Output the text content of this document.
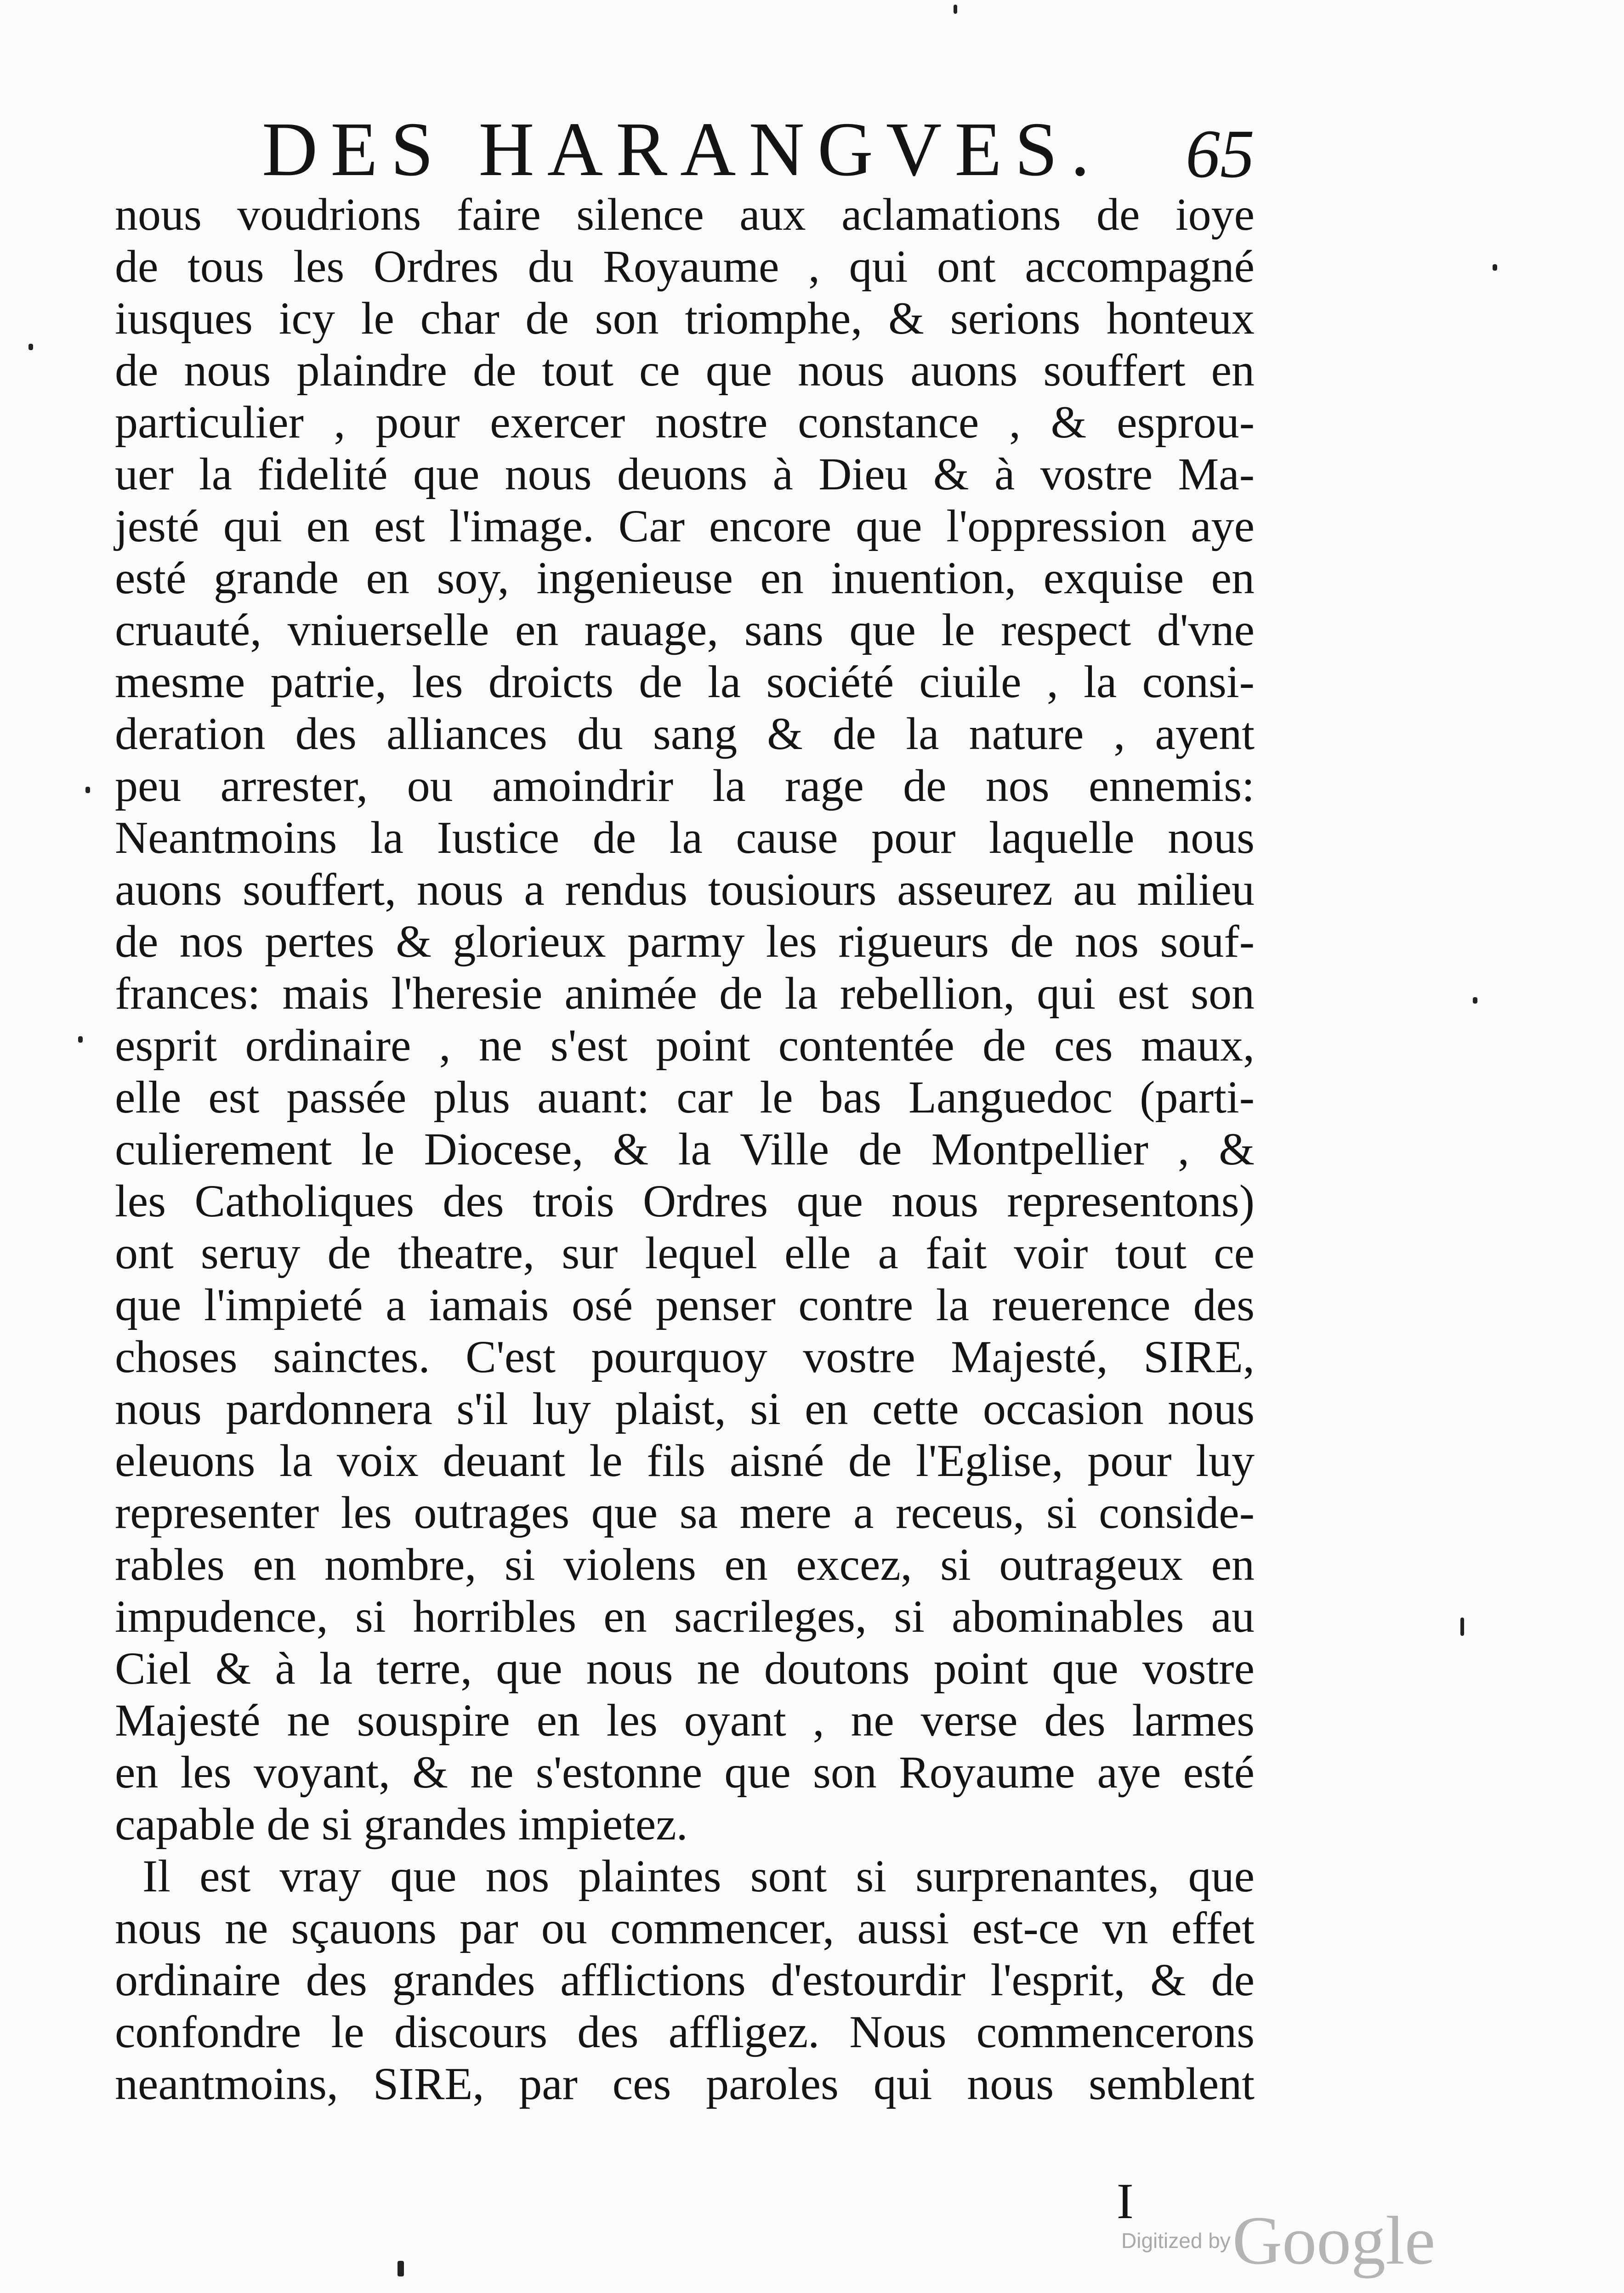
DES HARANGVES. 65
nous voudrions faire silence aux aclamations de ioye
de tous les Ordres du Royaume , qui ont accompagné
iusques icy le char de son triomphe, & serions honteux
de nous plaindre de tout ce que nous auons souffert en
particulier , pour exercer nostre constance , & esprou-
uer la fidelité que nous deuons à Dieu & à vostre Ma-
jesté qui en est l'image. Car encore que l'oppression aye
esté grande en soy, ingenieuse en inuention, exquise en
cruauté, vniuerselle en rauage, sans que le respect d'vne
mesme patrie, les droicts de la société ciuile , la consi-
deration des alliances du sang & de la nature , ayent
peu arrester, ou amoindrir la rage de nos ennemis:
Neantmoins la Iustice de la cause pour laquelle nous
auons souffert, nous a rendus tousiours asseurez au milieu
de nos pertes & glorieux parmy les rigueurs de nos souf-
frances: mais l'heresie animée de la rebellion, qui est son
esprit ordinaire , ne s'est point contentée de ces maux,
elle est passée plus auant: car le bas Languedoc (parti-
culierement le Diocese, & la Ville de Montpellier , &
les Catholiques des trois Ordres que nous representons)
ont seruy de theatre, sur lequel elle a fait voir tout ce
que l'impieté a iamais osé penser contre la reuerence des
choses sainctes. C'est pourquoy vostre Majesté, SIRE,
nous pardonnera s'il luy plaist, si en cette occasion nous
eleuons la voix deuant le fils aisné de l'Eglise, pour luy
representer les outrages que sa mere a receus, si conside-
rables en nombre, si violens en excez, si outrageux en
impudence, si horribles en sacrileges, si abominables au
Ciel & à la terre, que nous ne doutons point que vostre
Majesté ne souspire en les oyant , ne verse des larmes
en les voyant, & ne s'estonne que son Royaume aye esté
capable de si grandes impietez.
Il est vray que nos plaintes sont si surprenantes, que
nous ne sçauons par ou commencer, aussi est-ce vn effet
ordinaire des grandes afflictions d'estourdir l'esprit, & de
confondre le discours des affligez. Nous commencerons
neantmoins, SIRE, par ces paroles qui nous semblent
I
Digitized by Google
